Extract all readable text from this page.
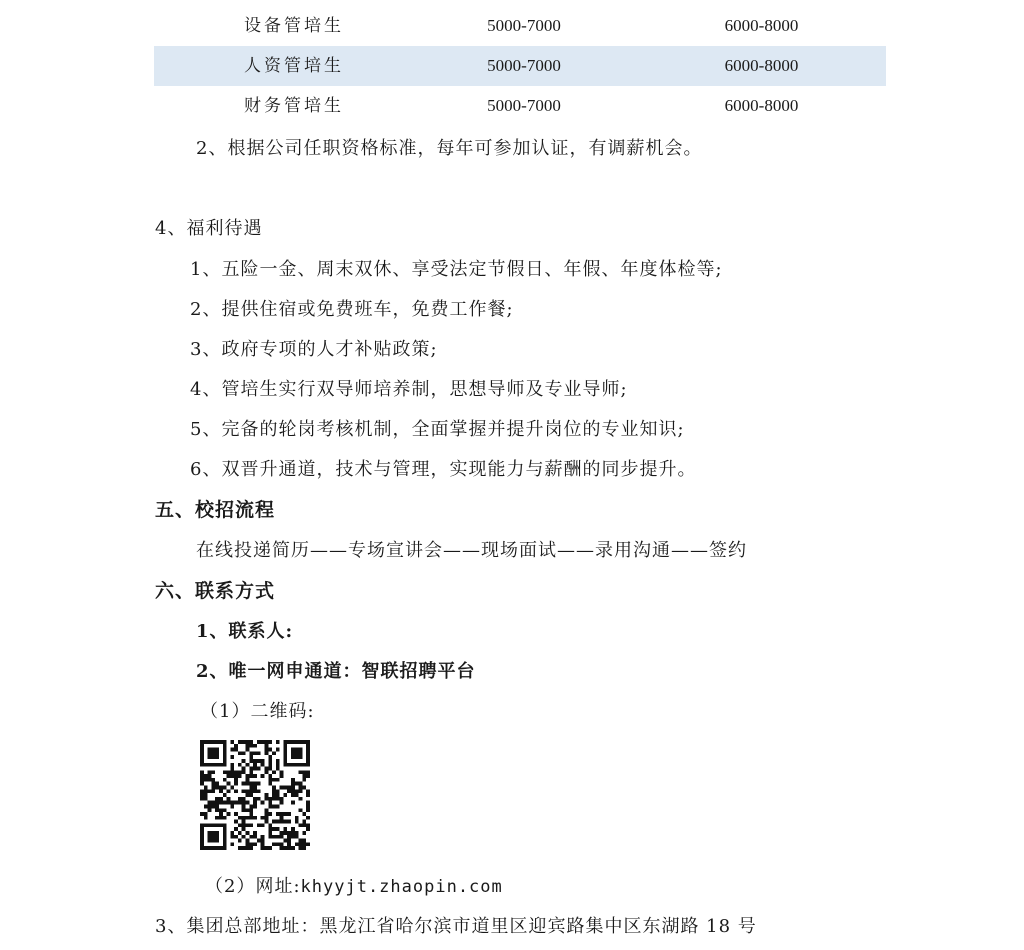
设备管培生	5000-7000	6000-8000
人资管培生	5000-7000	6000-8000
财务管培生	5000-7000	6000-8000
2、根据公司任职资格标准，每年可参加认证，有调薪机会。
4、福利待遇
1、五险一金、周末双休、享受法定节假日、年假、年度体检等;
2、提供住宿或免费班车，免费工作餐;
3、政府专项的人才补贴政策;
4、管培生实行双导师培养制，思想导师及专业导师;
5、完备的轮岗考核机制，全面掌握并提升岗位的专业知识;
6、双晋升通道，技术与管理，实现能力与薪酬的同步提升。
五、校招流程
在线投递简历——专场宣讲会——现场面试——录用沟通——签约
六、联系方式
1、联系人:
2、唯一网申通道：智联招聘平台
（1）二维码:
（2）网址:khyyjt.zhaopin.com
3、集团总部地址：黑龙江省哈尔滨市道里区迎宾路集中区东湖路 18 号
